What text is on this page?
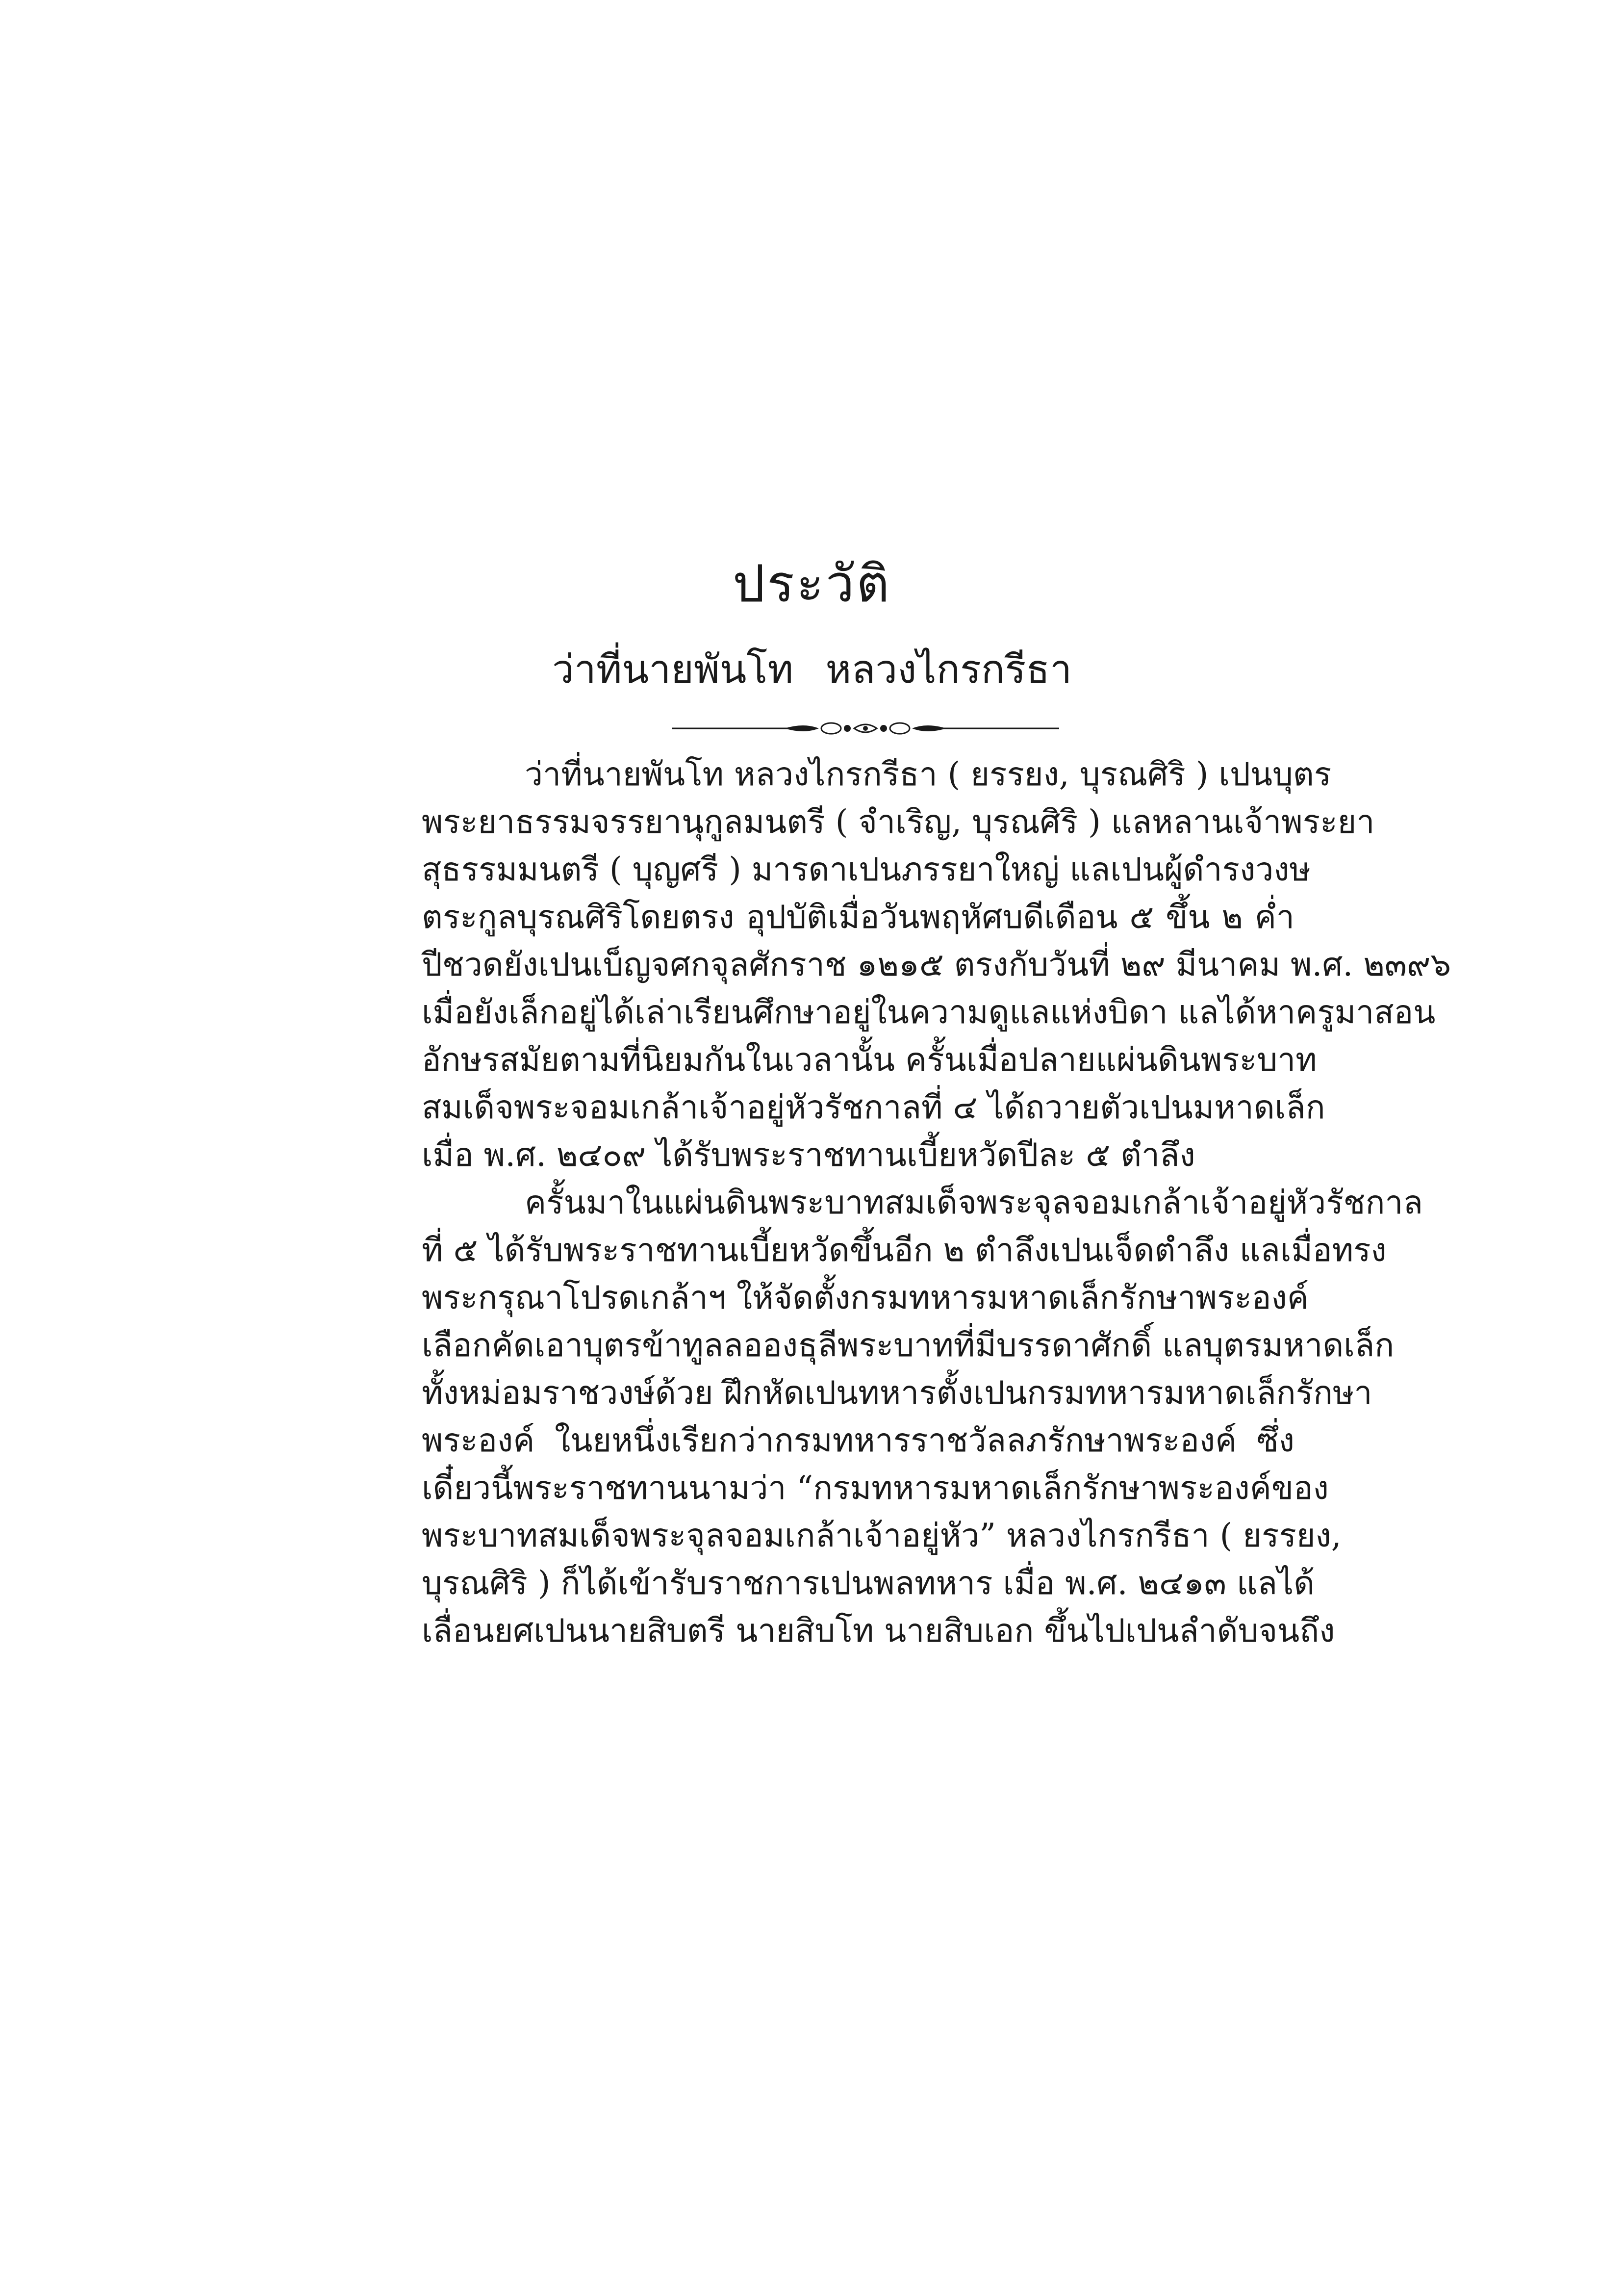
ประวัติ
ว่าที่นายพันโท หลวงไกรกรีธา
ว่าที่นายพันโท หลวงไกรกรีธา ( ยรรยง, บุรณศิริ ) เปนบุตร
พระยาธรรมจรรยานุกูลมนตรี ( จำเริญ, บุรณศิริ ) แลหลานเจ้าพระยา
สุธรรมมนตรี ( บุญศรี ) มารดาเปนภรรยาใหญ่ แลเปนผู้ดำรงวงษ
ตระกูลบุรณศิริโดยตรง อุปบัติเมื่อวันพฤหัศบดีเดือน ๕ ขึ้น ๒ ค่ำ
ปีชวดยังเปนเบ็ญจศกจุลศักราช ๑๒๑๕ ตรงกับวันที่ ๒๙ มีนาคม พ.ศ. ๒๓๙๖
เมื่อยังเล็กอยู่ได้เล่าเรียนศึกษาอยู่ในความดูแลแห่งบิดา แลได้หาครูมาสอน
อักษรสมัยตามที่นิยมกันในเวลานั้น ครั้นเมื่อปลายแผ่นดินพระบาท
สมเด็จพระจอมเกล้าเจ้าอยู่หัวรัชกาลที่ ๔ ได้ถวายตัวเปนมหาดเล็ก
เมื่อ พ.ศ. ๒๔๐๙ ได้รับพระราชทานเบี้ยหวัดปีละ ๕ ตำลึง
ครั้นมาในแผ่นดินพระบาทสมเด็จพระจุลจอมเกล้าเจ้าอยู่หัวรัชกาล
ที่ ๕ ได้รับพระราชทานเบี้ยหวัดขึ้นอีก ๒ ตำลึงเปนเจ็ดตำลึง แลเมื่อทรง
พระกรุณาโปรดเกล้าฯ ให้จัดตั้งกรมทหารมหาดเล็กรักษาพระองค์
เลือกคัดเอาบุตรข้าทูลลอองธุลีพระบาทที่มีบรรดาศักดิ์ แลบุตรมหาดเล็ก
ทั้งหม่อมราชวงษ์ด้วย ฝึกหัดเปนทหารตั้งเปนกรมทหารมหาดเล็กรักษา
พระองค์ ในยหนึ่งเรียกว่ากรมทหารราชวัลลภรักษาพระองค์ ซึ่ง
เดี๋ยวนี้พระราชทานนามว่า “กรมทหารมหาดเล็กรักษาพระองค์ของ
พระบาทสมเด็จพระจุลจอมเกล้าเจ้าอยู่หัว” หลวงไกรกรีธา ( ยรรยง,
บุรณศิริ ) ก็ได้เข้ารับราชการเปนพลทหาร เมื่อ พ.ศ. ๒๔๑๓ แลได้
เลื่อนยศเปนนายสิบตรี นายสิบโท นายสิบเอก ขึ้นไปเปนลำดับจนถึง
